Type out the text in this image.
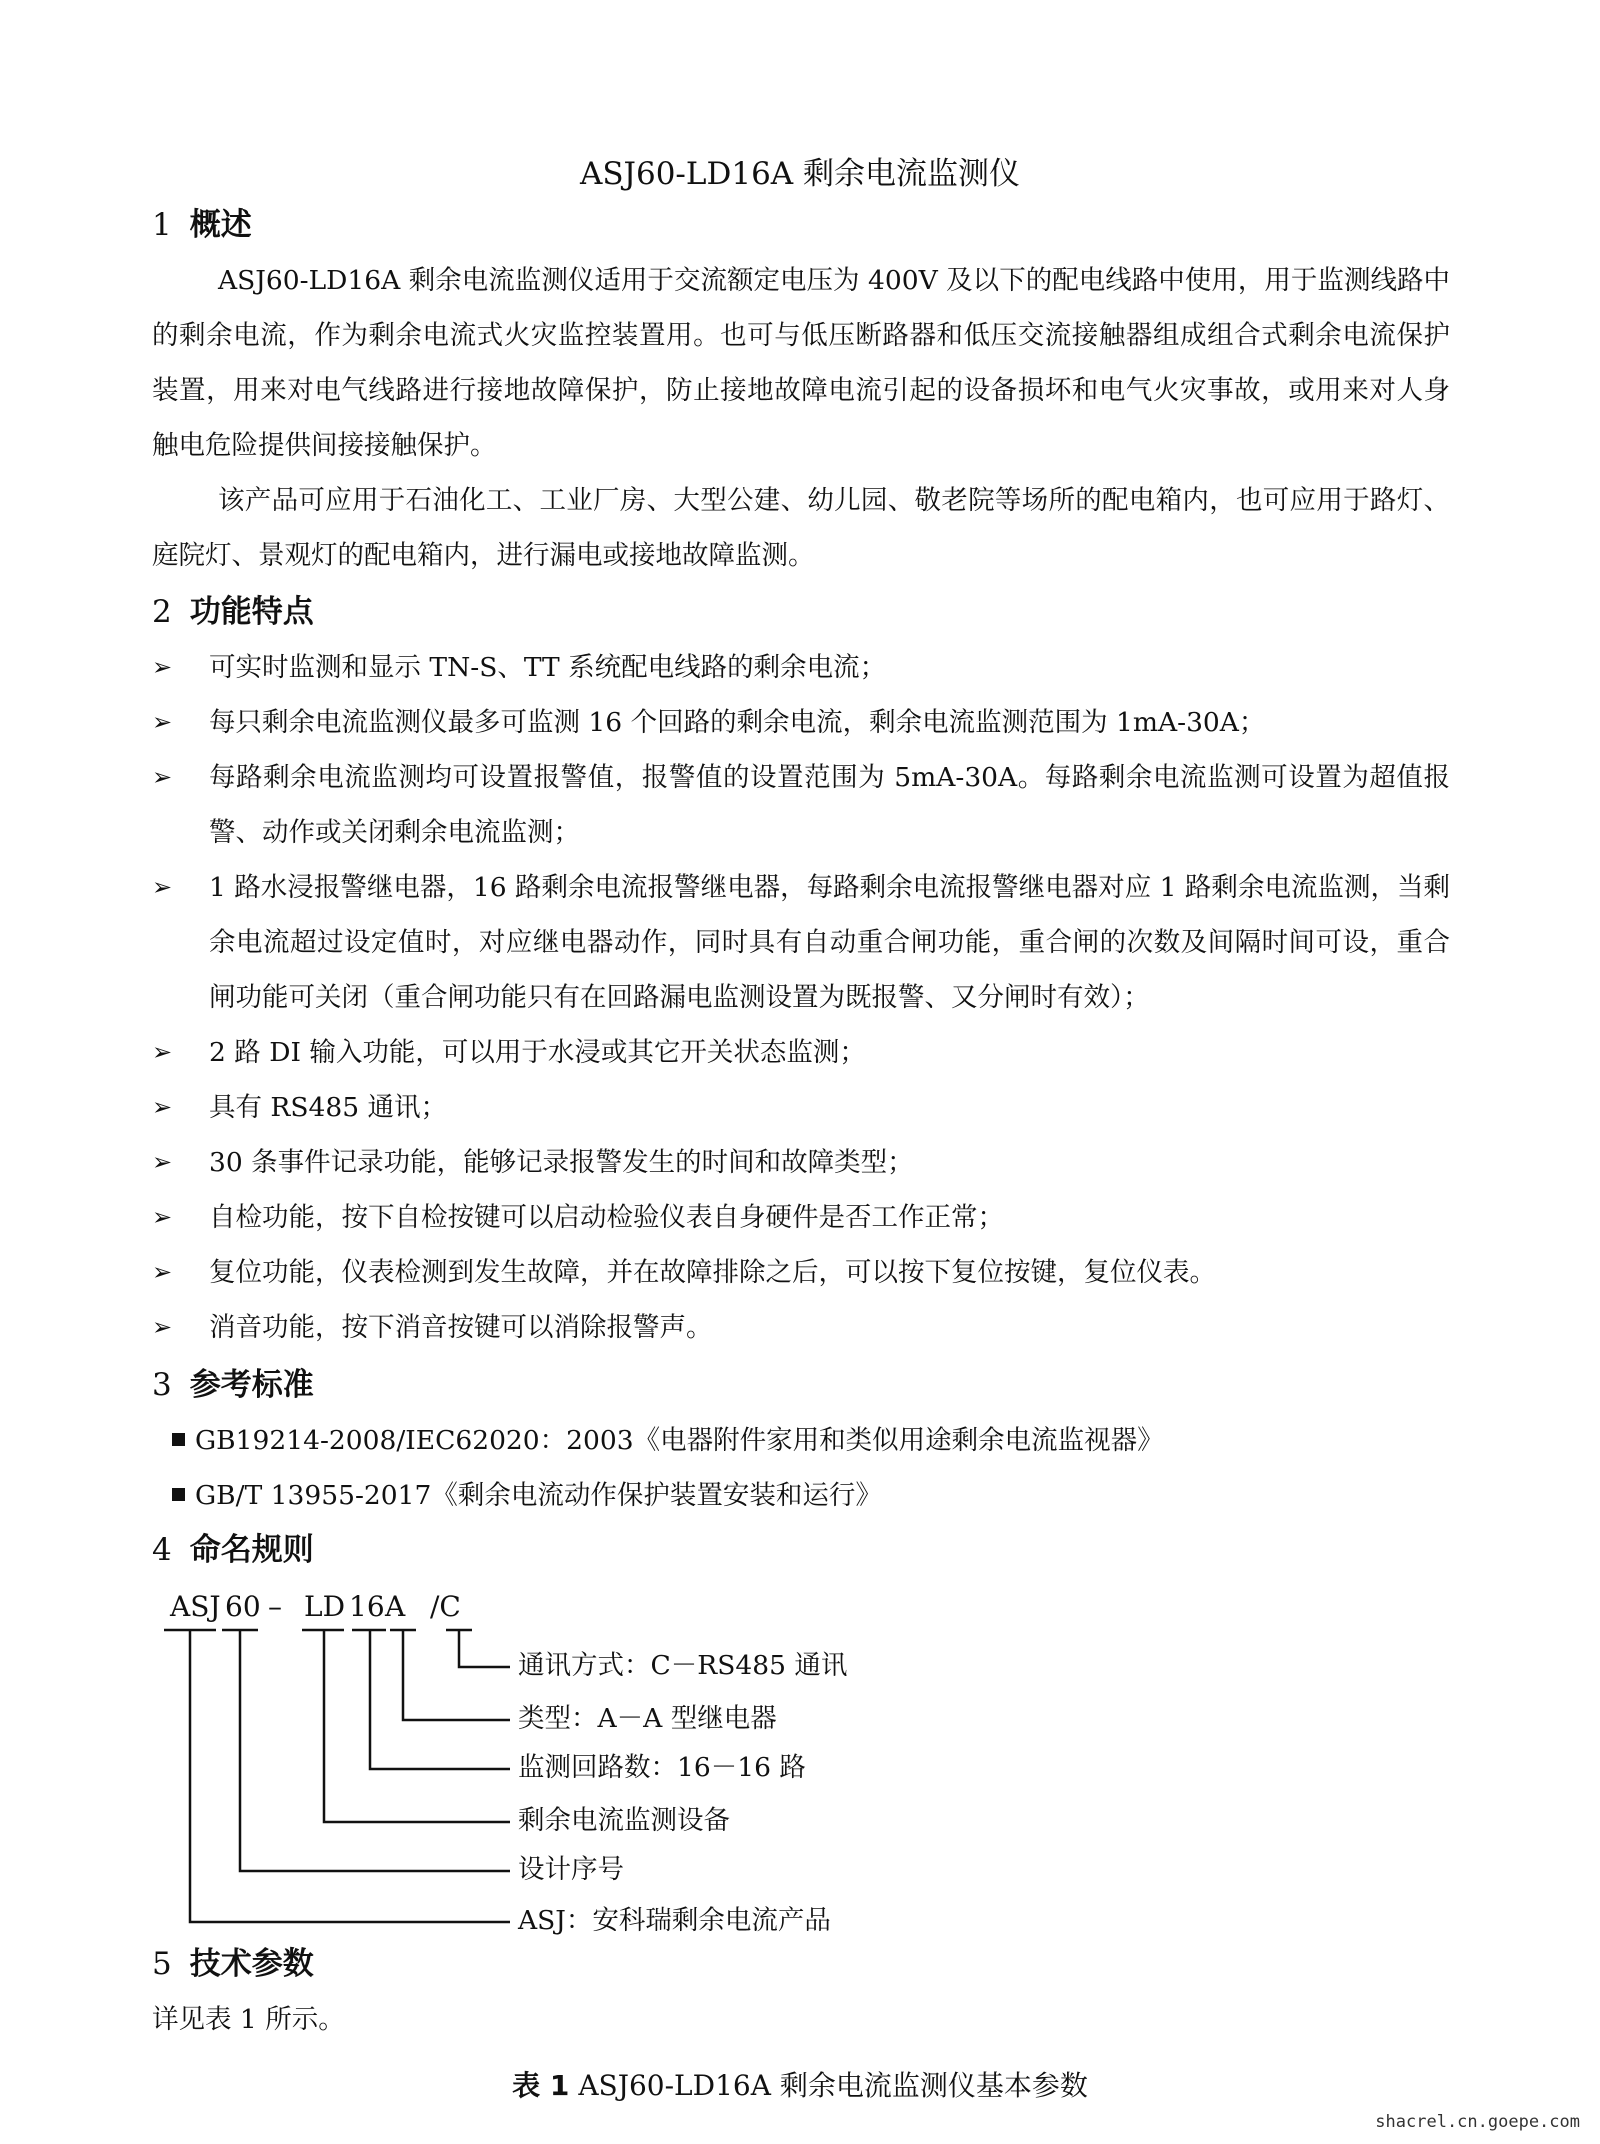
ASJ60-LD16A 剩余电流监测仪
1 概述
ASJ60-LD16A 剩余电流监测仪适用于交流额定电压为 400V 及以下的配电线路中使用，用于监测线路中的剩余电流，作为剩余电流式火灾监控装置用。也可与低压断路器和低压交流接触器组成组合式剩余电流保护装置，用来对电气线路进行接地故障保护，防止接地故障电流引起的设备损坏和电气火灾事故，或用来对人身触电危险提供间接接触保护。
该产品可应用于石油化工、工业厂房、大型公建、幼儿园、敬老院等场所的配电箱内，也可应用于路灯、庭院灯、景观灯的配电箱内，进行漏电或接地故障监测。
2 功能特点
➢ 可实时监测和显示 TN-S、TT 系统配电线路的剩余电流；
➢ 每只剩余电流监测仪最多可监测 16 个回路的剩余电流，剩余电流监测范围为 1mA-30A；
➢ 每路剩余电流监测均可设置报警值，报警值的设置范围为 5mA-30A。每路剩余电流监测可设置为超值报警、动作或关闭剩余电流监测；
➢ 1 路水浸报警继电器，16 路剩余电流报警继电器，每路剩余电流报警继电器对应 1 路剩余电流监测，当剩余电流超过设定值时，对应继电器动作，同时具有自动重合闸功能，重合闸的次数及间隔时间可设，重合闸功能可关闭（重合闸功能只有在回路漏电监测设置为既报警、又分闸时有效）；
➢ 2 路 DI 输入功能，可以用于水浸或其它开关状态监测；
➢ 具有 RS485 通讯；
➢ 30 条事件记录功能，能够记录报警发生的时间和故障类型；
➢ 自检功能，按下自检按键可以启动检验仪表自身硬件是否工作正常；
➢ 复位功能，仪表检测到发生故障，并在故障排除之后，可以按下复位按键，复位仪表。
➢ 消音功能，按下消音按键可以消除报警声。
3 参考标准
GB19214-2008/IEC62020：2003《电器附件家用和类似用途剩余电流监视器》
GB/T 13955-2017《剩余电流动作保护装置安装和运行》
4 命名规则
ASJ 60 – LD 16 A /C
通讯方式：C－RS485 通讯
类型：A－A 型继电器
监测回路数：16－16 路
剩余电流监测设备
设计序号
ASJ：安科瑞剩余电流产品
5 技术参数
详见表 1 所示。
表 1 ASJ60-LD16A 剩余电流监测仪基本参数
shacrel.cn.goepe.com
